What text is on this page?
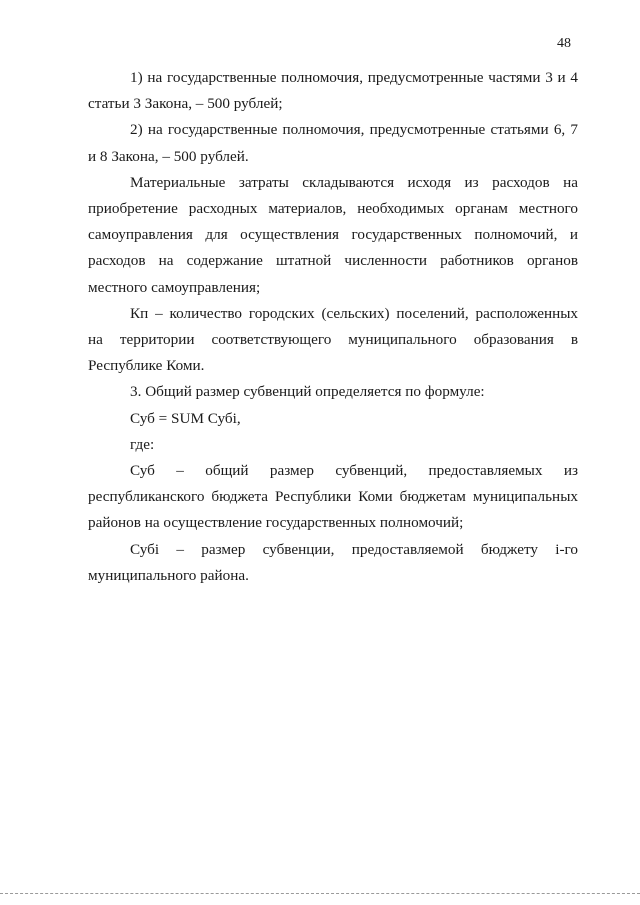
48

1) на государственные полномочия, предусмотренные частями 3 и 4 статьи 3 Закона, – 500 рублей;

2) на государственные полномочия, предусмотренные статьями 6, 7 и 8 Закона, – 500 рублей.

Материальные затраты складываются исходя из расходов на приобретение расходных материалов, необходимых органам местного самоуправления для осуществления государственных полномочий, и расходов на содержание штатной численности работников органов местного самоуправления;

Кп – количество городских (сельских) поселений, расположенных на территории соответствующего муниципального образования в Республике Коми.

3. Общий размер субвенций определяется по формуле:

Суб = SUM Субi,

где:

Суб – общий размер субвенций, предоставляемых из республиканского бюджета Республики Коми бюджетам муниципальных районов на осуществление государственных полномочий;

Субi – размер субвенции, предоставляемой бюджету i-го муниципального района.
